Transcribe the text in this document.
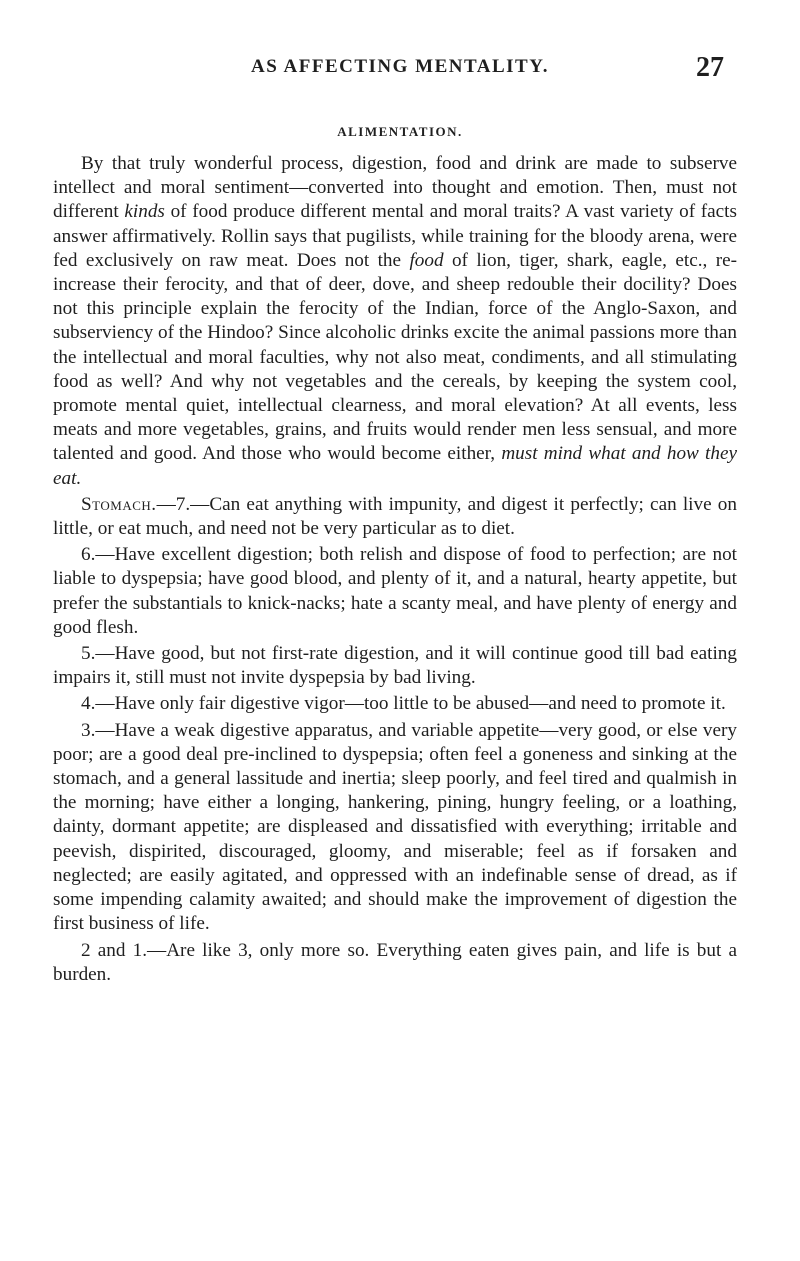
AS AFFECTING MENTALITY.	27
ALIMENTATION.

By that truly wonderful process, digestion, food and drink are made to subserve intellect and moral sentiment—converted into thought and emotion. Then, must not different kinds of food produce different mental and moral traits? A vast variety of facts answer affirmatively. Rollin says that pugilists, while training for the bloody arena, were fed exclusively on raw meat. Does not the food of lion, tiger, shark, eagle, etc., re-increase their ferocity, and that of deer, dove, and sheep redouble their docility? Does not this principle explain the ferocity of the Indian, force of the Anglo-Saxon, and subserviency of the Hindoo? Since alcoholic drinks excite the animal passions more than the intellectual and moral faculties, why not also meat, condiments, and all stimulating food as well? And why not vegetables and the cereals, by keeping the system cool, promote mental quiet, intellectual clearness, and moral elevation? At all events, less meats and more vegetables, grains, and fruits would render men less sensual, and more talented and good. And those who would become either, must mind what and how they eat.

Stomach.—7.—Can eat anything with impunity, and digest it perfectly; can live on little, or eat much, and need not be very particular as to diet.

6.—Have excellent digestion; both relish and dispose of food to perfection; are not liable to dyspepsia; have good blood, and plenty of it, and a natural, hearty appetite, but prefer the substantials to knick-nacks; hate a scanty meal, and have plenty of energy and good flesh.

5.—Have good, but not first-rate digestion, and it will continue good till bad eating impairs it, still must not invite dyspepsia by bad living.

4.—Have only fair digestive vigor—too little to be abused—and need to promote it.

3.—Have a weak digestive apparatus, and variable appetite—very good, or else very poor; are a good deal pre-inclined to dyspepsia; often feel a goneness and sinking at the stomach, and a general lassitude and inertia; sleep poorly, and feel tired and qualmish in the morning; have either a longing, hankering, pining, hungry feeling, or a loathing, dainty, dormant appetite; are displeased and dissatisfied with everything; irritable and peevish, dispirited, discouraged, gloomy, and miserable; feel as if forsaken and neglected; are easily agitated, and oppressed with an indefinable sense of dread, as if some impending calamity awaited; and should make the improvement of digestion the first business of life.

2 and 1.—Are like 3, only more so. Everything eaten gives pain, and life is but a burden.
